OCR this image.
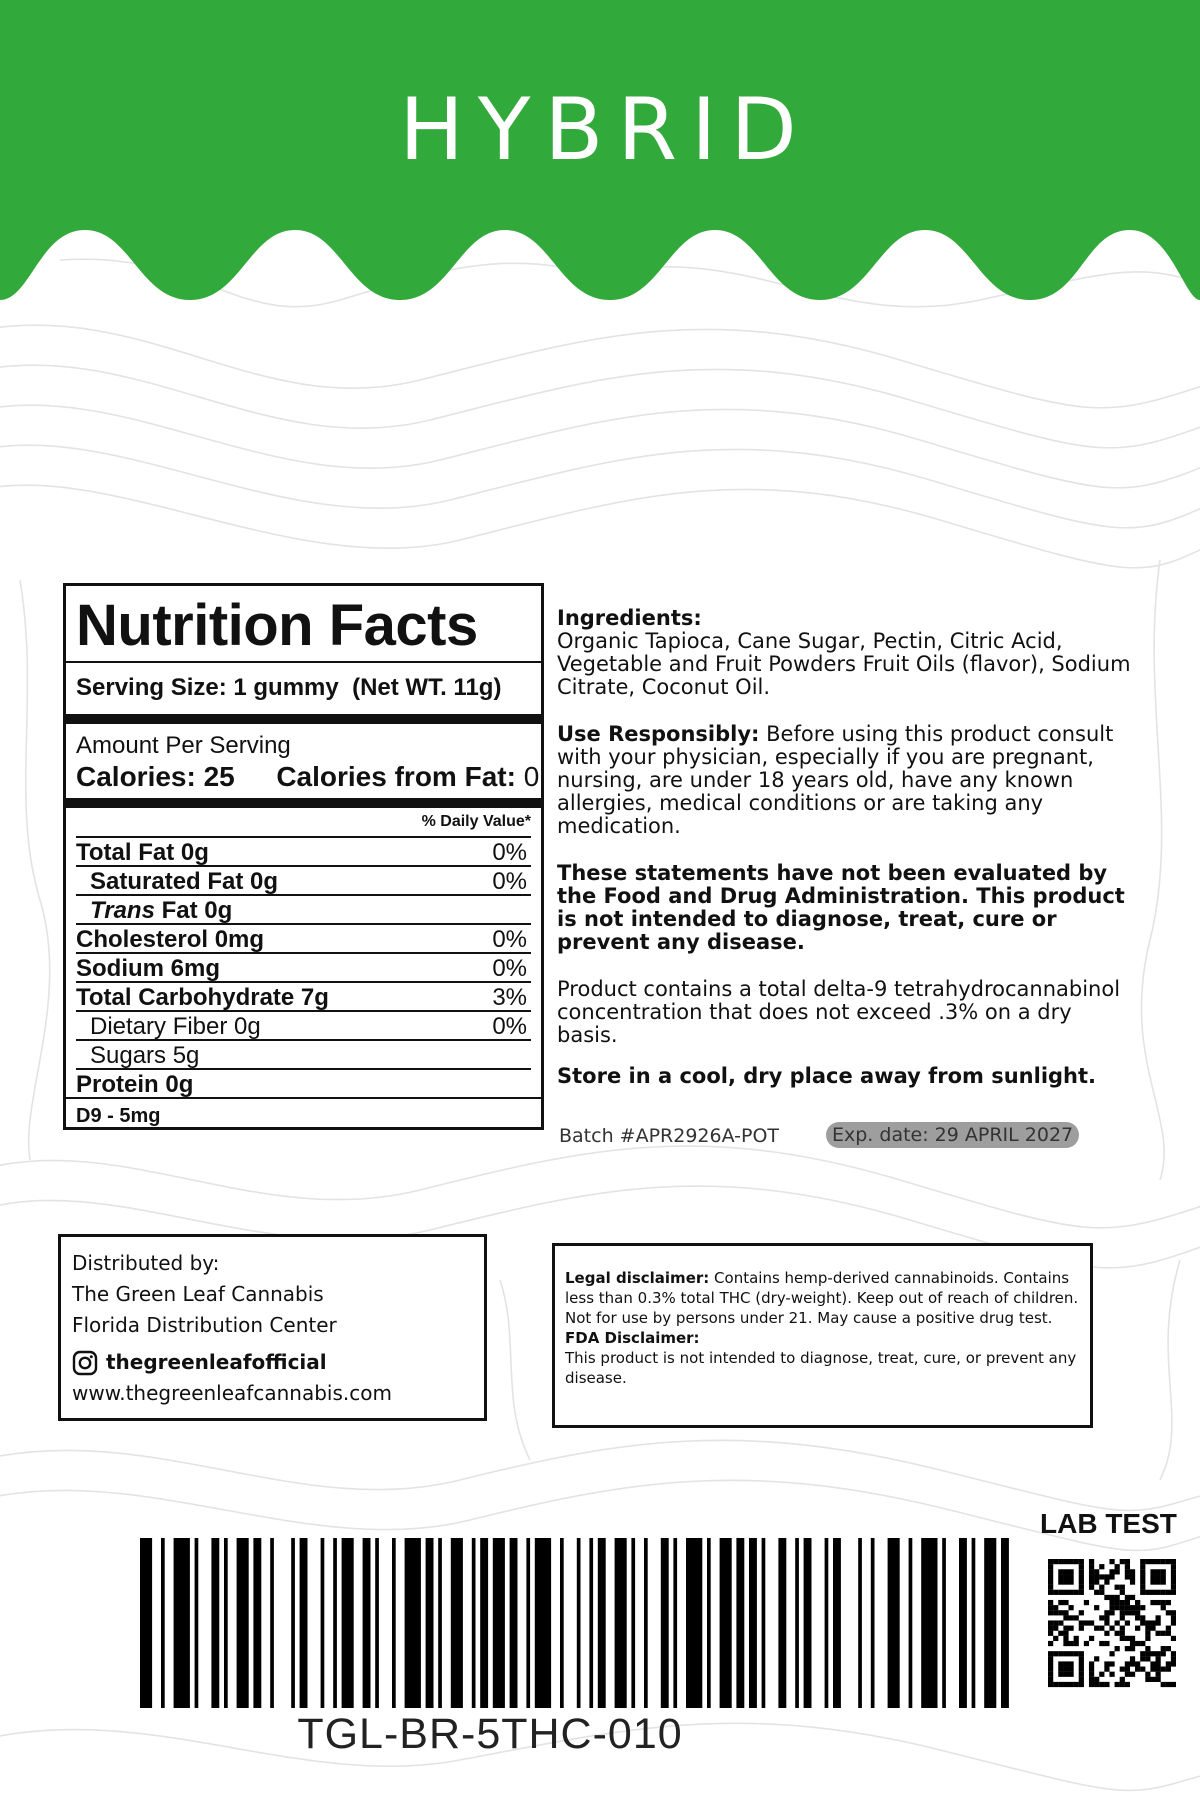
HYBRID
Nutrition Facts
Serving Size: 1 gummy (Net WT. 11g)
Amount Per Serving
Calories: 25 Calories from Fat: 0
% Daily Value*
Total Fat 0g	0%
Saturated Fat 0g	0%
Trans Fat 0g
Cholesterol 0mg	0%
Sodium 6mg	0%
Total Carbohydrate 7g	3%
Dietary Fiber 0g	0%
Sugars 5g
Protein 0g
D9 - 5mg

Ingredients:
Organic Tapioca, Cane Sugar, Pectin, Citric Acid, Vegetable and Fruit Powders Fruit Oils (flavor), Sodium Citrate, Coconut Oil.

Use Responsibly: Before using this product consult with your physician, especially if you are pregnant, nursing, are under 18 years old, have any known allergies, medical conditions or are taking any medication.

These statements have not been evaluated by the Food and Drug Administration. This product is not intended to diagnose, treat, cure or prevent any disease.

Product contains a total delta-9 tetrahydrocannabinol concentration that does not exceed .3% on a dry basis.

Store in a cool, dry place away from sunlight.

Batch #APR2926A-POT	Exp. date: 29 APRIL 2027
Distributed by:
The Green Leaf Cannabis
Florida Distribution Center
thegreenleafofficial
www.thegreenleafcannabis.com
Legal disclaimer: Contains hemp-derived cannabinoids. Contains less than 0.3% total THC (dry-weight). Keep out of reach of children. Not for use by persons under 21. May cause a positive drug test.
FDA Disclaimer:
This product is not intended to diagnose, treat, cure, or prevent any disease.
TGL-BR-5THC-010
LAB TEST
